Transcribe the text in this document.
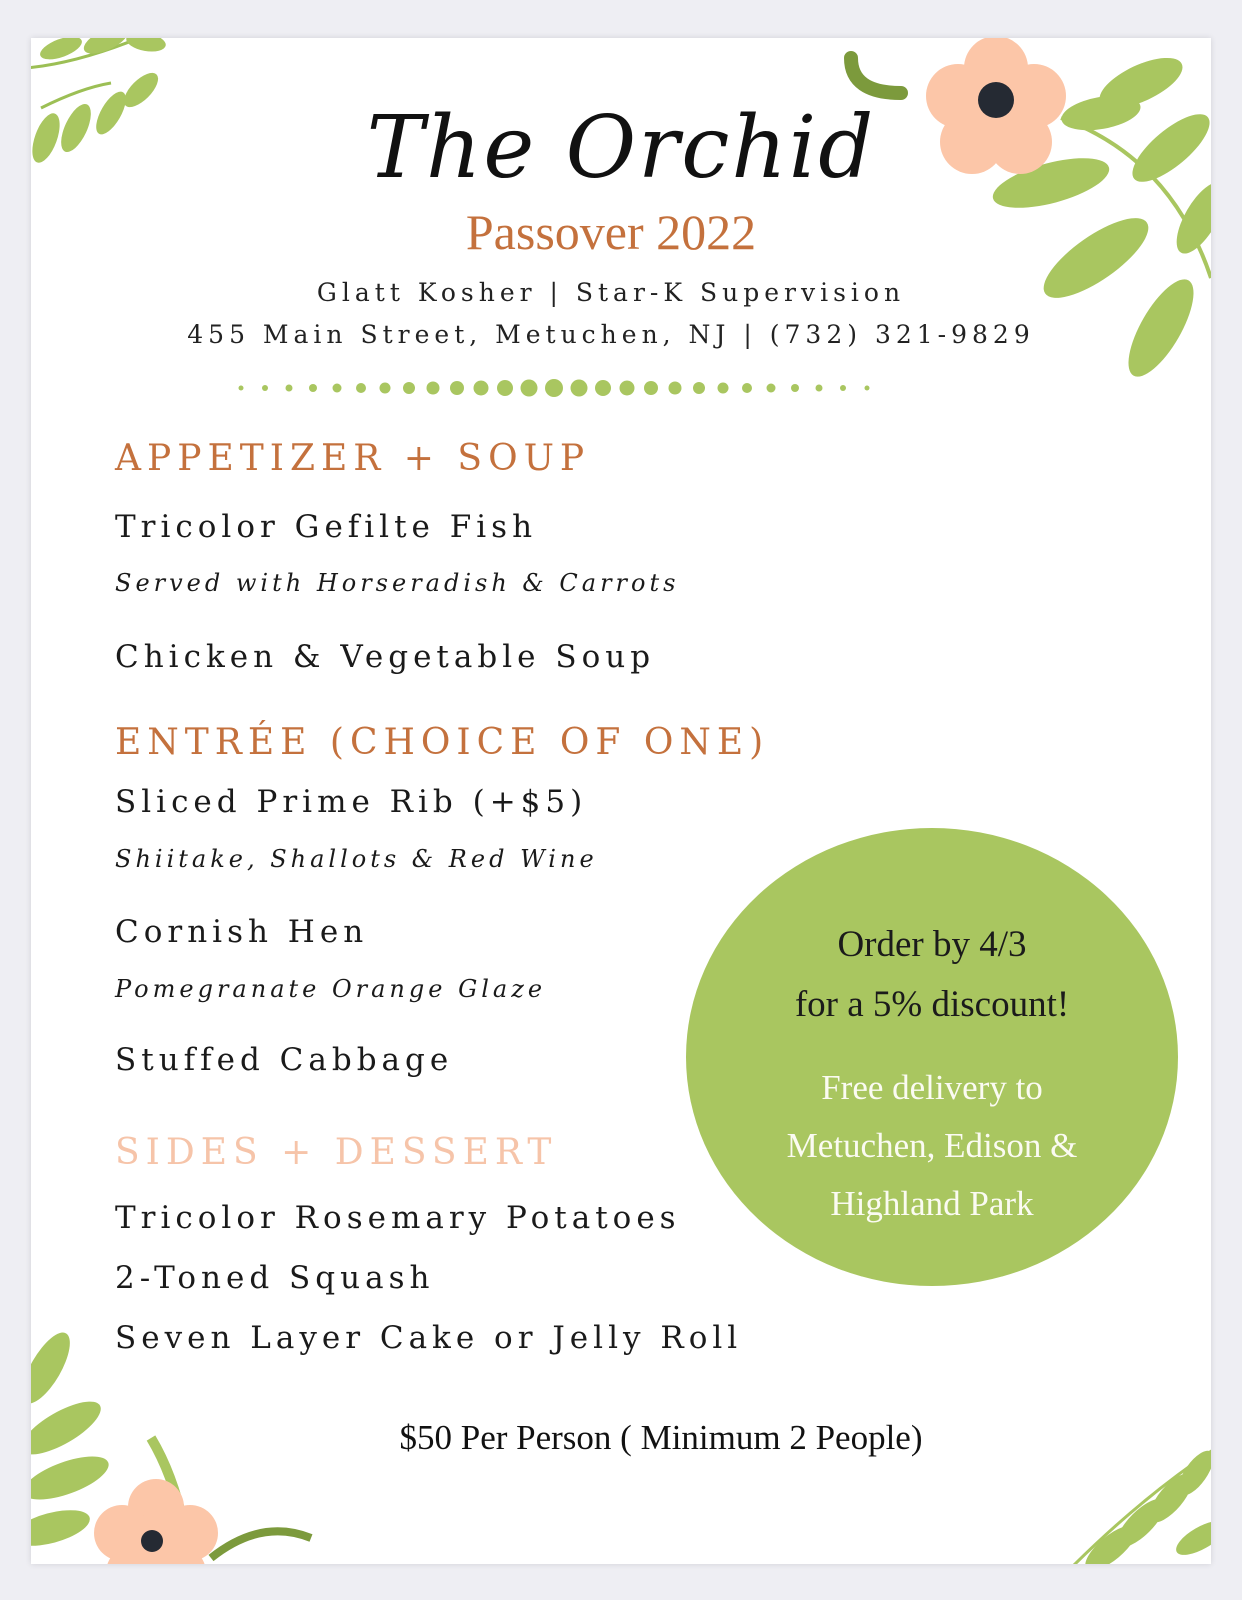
The Orchid
Passover 2022
Glatt Kosher | Star-K Supervision
455 Main Street, Metuchen, NJ | (732) 321-9829
APPETIZER + SOUP
Tricolor Gefilte Fish
Served with Horseradish & Carrots
Chicken & Vegetable Soup
ENTRÉE (CHOICE OF ONE)
Sliced Prime Rib (+$5)
Shiitake, Shallots & Red Wine
Cornish Hen
Pomegranate Orange Glaze
Stuffed Cabbage
SIDES + DESSERT
Tricolor Rosemary Potatoes
2-Toned Squash
Seven Layer Cake or Jelly Roll
Order by 4/3
for a 5% discount!
Free delivery to
Metuchen, Edison &
Highland Park
$50 Per Person ( Minimum 2 People)
